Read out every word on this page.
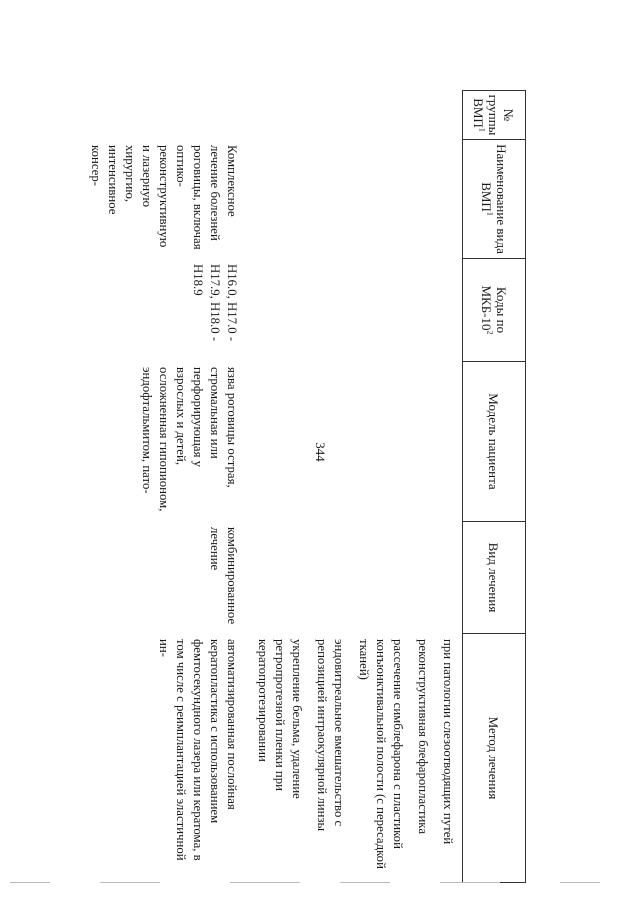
344
№ группы ВМП$^1$	Наименование вида ВМП$^1$	Коды по МКБ-$10^2$	Модель пациента	Вид лечения	Метод лечения

					при патологии слезоотводящих путей
реконструктивная блефаропластика
рассечение симблефарона с пластикой конъюнктивальной полости (с пересадкой тканей)
эндовитреальное вмешательство с репозицией интраокулярной линзы
укрепление бельма, удаление ретропротезной пленки при кератопротезировании

	Комплексное лечение болезней роговицы, включая оптико-реконструктивную и лазерную хирургию, интенсивное консер-	H16.0, H17.0 - H17.9, H18.0 - H18.9	язва роговицы острая, стромальная или перфорирующая у взрослых и детей, осложненная гипопионом, эндофтальмитом, пато-	комбинированное лечение	автоматизированная послойная кератопластика с использованием фемтосекундного лазера или кератома, в том числе с реимплантацией эластичной ин-
